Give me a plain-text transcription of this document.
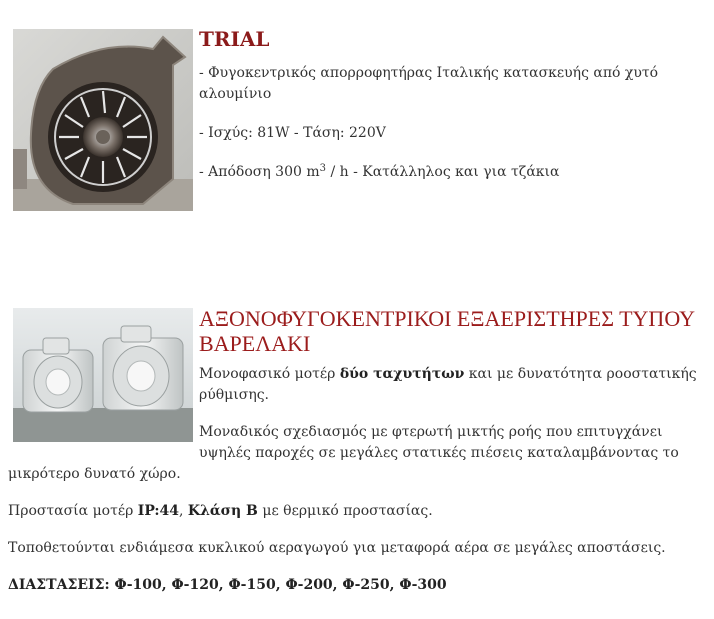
TRIAL

- Φυγοκεντρικός απορροφητήρας Ιταλικής κατασκευής από χυτό αλουμίνιο

- Ισχύς: 81W - Τάση: 220V

- Απόδοση 300 $m^3$ / h - Κατάλληλος και για τζάκια

ΑΞΟΝΟΦΥΓΟΚΕΝΤΡΙΚΟΙ ΕΞΑΕΡΙΣΤΗΡΕΣ ΤΥΠΟΥ ΒΑΡΕΛΑΚΙ

Μονοφασικό μοτέρ δύο ταχυτήτων και με δυνατότητα ροοστατικής ρύθμισης.

Μοναδικός σχεδιασμός με φτερωτή μικτής ροής που επιτυγχάνει υψηλές παροχές σε μεγάλες στατικές πιέσεις καταλαμβάνοντας το μικρότερο δυνατό χώρο.

Προστασία μοτέρ IP:44, Κλάση B με θερμικό προστασίας.

Τοποθετούνται ενδιάμεσα κυκλικού αεραγωγού για μεταφορά αέρα σε μεγάλες αποστάσεις.

ΔΙΑΣΤΑΣΕΙΣ: Φ-100, Φ-120, Φ-150, Φ-200, Φ-250, Φ-300
